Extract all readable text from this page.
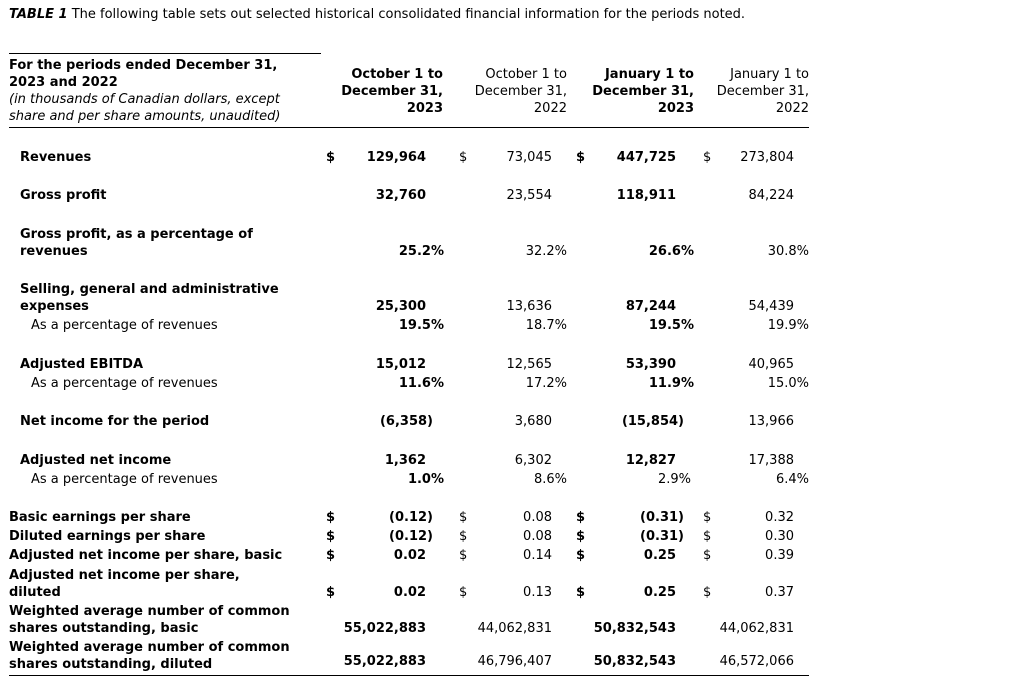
TABLE 1 The following table sets out selected historical consolidated financial information for the periods noted.
For the periods ended December 31,
2023 and 2022
(in thousands of Canadian dollars, except
share and per share amounts, unaudited)
October 1 to
December 31,
2023
October 1 to
December 31,
2022
January 1 to
December 31,
2023
January 1 to
December 31,
2022
Revenues	$	129,964	$	73,045 $	447,725 $	273,804
Gross profit	32,760	23,554	118,911	84,224
Gross profit, as a percentage of
revenues	25.2%	32.2%	26.6%	30.8%
Selling, general and administrative
expenses	25,300	13,636	87,244	54,439
As a percentage of revenues	19.5%	18.7%	19.5%	19.9%
Adjusted EBITDA	15,012	12,565	53,390	40,965
As a percentage of revenues	11.6%	17.2%	11.9%	15.0%
Net income for the period	(6,358)	3,680	(15,854)	13,966
Adjusted net income	1,362	6,302	12,827	17,388
As a percentage of revenues	1.0%	8.6%	2.9%	6.4%
Basic earnings per share	$	(0.12) $	0.08 $	(0.31) $	0.32
Diluted earnings per share	$	(0.12) $	0.08 $	(0.31) $	0.30
Adjusted net income per share, basic	$	0.02	$	0.14 $	0.25 $	0.39
Adjusted net income per share,
diluted	$	0.02	$	0.13 $	0.25 $	0.37
Weighted average number of common
shares outstanding, basic	55,022,883	44,062,831	50,832,543	44,062,831
Weighted average number of common
shares outstanding, diluted	55,022,883	46,796,407	50,832,543	46,572,066
